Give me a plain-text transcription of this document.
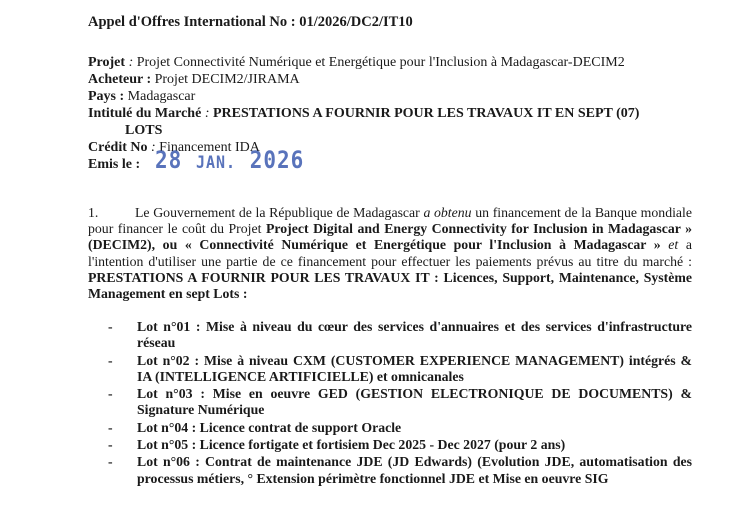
Appel d'Offres International No : 01/2026/DC2/IT10
Projet : Projet Connectivité Numérique et Energétique pour l'Inclusion à Madagascar-DECIM2
Acheteur : Projet DECIM2/JIRAMA
Pays : Madagascar
Intitulé du Marché : PRESTATIONS A FOURNIR POUR LES TRAVAUX IT EN SEPT (07)
LOTS
Crédit No : Financement IDA
Emis le : 28 JAN. 2026
1.	Le Gouvernement de la République de Madagascar a obtenu un financement de la Banque mondiale pour financer le coût du Projet Project Digital and Energy Connectivity for Inclusion in Madagascar » (DECIM2), ou « Connectivité Numérique et Energétique pour l'Inclusion à Madagascar » et a l'intention d'utiliser une partie de ce financement pour effectuer les paiements prévus au titre du marché : PRESTATIONS A FOURNIR POUR LES TRAVAUX IT : Licences, Support, Maintenance, Système Management en sept Lots :
- Lot n°01 : Mise à niveau du cœur des services d'annuaires et des services d'infrastructure réseau
- Lot n°02 : Mise à niveau CXM (CUSTOMER EXPERIENCE MANAGEMENT) intégrés & IA (INTELLIGENCE ARTIFICIELLE) et omnicanales
- Lot n°03 : Mise en oeuvre GED (GESTION ELECTRONIQUE DE DOCUMENTS) & Signature Numérique
- Lot n°04 : Licence contrat de support Oracle
- Lot n°05 : Licence fortigate et fortisiem Dec 2025 - Dec 2027 (pour 2 ans)
- Lot n°06 : Contrat de maintenance JDE (JD Edwards) (Evolution JDE, automatisation des processus métiers, ° Extension périmètre fonctionnel JDE et Mise en oeuvre SIG
